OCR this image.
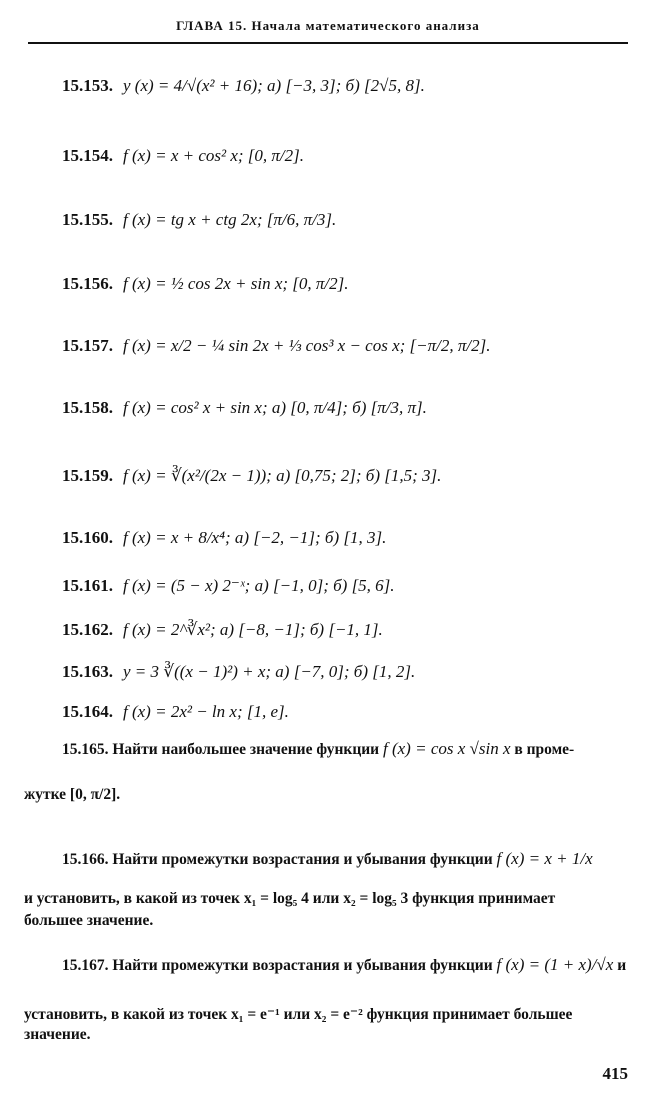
ГЛАВА 15. Начала математического анализа
15.153. y (x) = 4/√(x² + 16); а) [−3, 3]; б) [2√5, 8].
15.154. f (x) = x + cos² x; [0, π/2].
15.155. f (x) = tg x + ctg 2x; [π/6, π/3].
15.156. f (x) = ½ cos 2x + sin x; [0, π/2].
15.157. f (x) = x/2 − ¼ sin 2x + ⅓ cos³ x − cos x; [−π/2, π/2].
15.158. f (x) = cos² x + sin x; а) [0, π/4]; б) [π/3, π].
15.159. f (x) = ∛(x²/(2x − 1)); а) [0,75; 2]; б) [1,5; 3].
15.160. f (x) = x + 8/x⁴; а) [−2, −1]; б) [1, 3].
15.161. f (x) = (5 − x) 2⁻ˣ; а) [−1, 0]; б) [5, 6].
15.162. f (x) = 2^∛x²; а) [−8, −1]; б) [−1, 1].
15.163. y = 3 ∛((x − 1)²) + x; а) [−7, 0]; б) [1, 2].
15.164. f (x) = 2x² − ln x; [1, e].
15.165. Найти наибольшее значение функции f (x) = cos x √sin x в проме-
жутке [0, π/2].
15.166. Найти промежутки возрастания и убывания функции f (x) = x + 1/x
и установить, в какой из точек x₁ = log₅ 4 или x₂ = log₅ 3 функция принимает
большее значение.
15.167. Найти промежутки возрастания и убывания функции f (x) = (1 + x)/√x и
установить, в какой из точек x₁ = e⁻¹ или x₂ = e⁻² функция принимает большее
значение.
415
